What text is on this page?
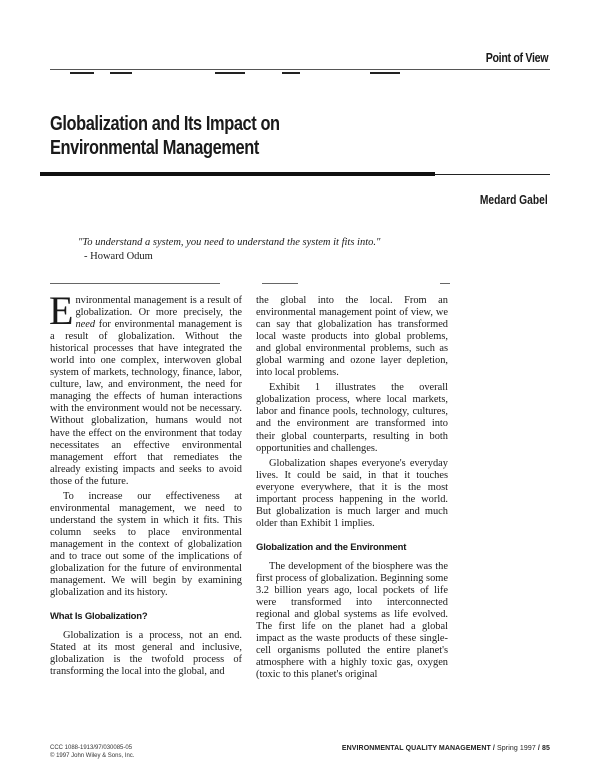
Point of View
Globalization and Its Impact on
Environmental Management
Medard Gabel
"To understand a system, you need to understand the system it fits into."
- Howard Odum

Environmental management is a result of globalization. Or more precisely, the need for environmental management is a result of globalization. Without the historical processes that have integrated the world into one complex, interwoven global system of markets, technology, finance, labor, culture, law, and environment, the need for managing the effects of human interactions with the environment would not be necessary. Without globalization, humans would not have the effect on the environment that today necessitates an effective environmental management effort that remediates the already existing impacts and seeks to avoid those of the future.

To increase our effectiveness at environmental management, we need to understand the system in which it fits. This column seeks to place environmental management in the context of globalization and to trace out some of the implications of globalization for the future of environmental management. We will begin by examining globalization and its history.

What Is Globalization?

Globalization is a process, not an end. Stated at its most general and inclusive, globalization is the twofold process of transforming the local into the global, and

the global into the local. From an environmental management point of view, we can say that globalization has transformed local waste products into global problems, and global environmental problems, such as global warming and ozone layer depletion, into local problems.

Exhibit 1 illustrates the overall globalization process, where local markets, labor and finance pools, technology, cultures, and the environment are transformed into their global counterparts, resulting in both opportunities and challenges.

Globalization shapes everyone's everyday lives. It could be said, in that it touches everyone everywhere, that it is the most important process happening in the world. But globalization is much larger and much older than Exhibit 1 implies.

Globalization and the Environment

The development of the biosphere was the first process of globalization. Beginning some 3.2 billion years ago, local pockets of life were transformed into interconnected regional and global systems as life evolved. The first life on the planet had a global impact as the waste products of these single-cell organisms polluted the entire planet's atmosphere with a highly toxic gas, oxygen (toxic to this planet's original

CCC 1088-1913/97/030085-05
© 1997 John Wiley & Sons, Inc.
ENVIRONMENTAL QUALITY MANAGEMENT / Spring 1997 / 85
